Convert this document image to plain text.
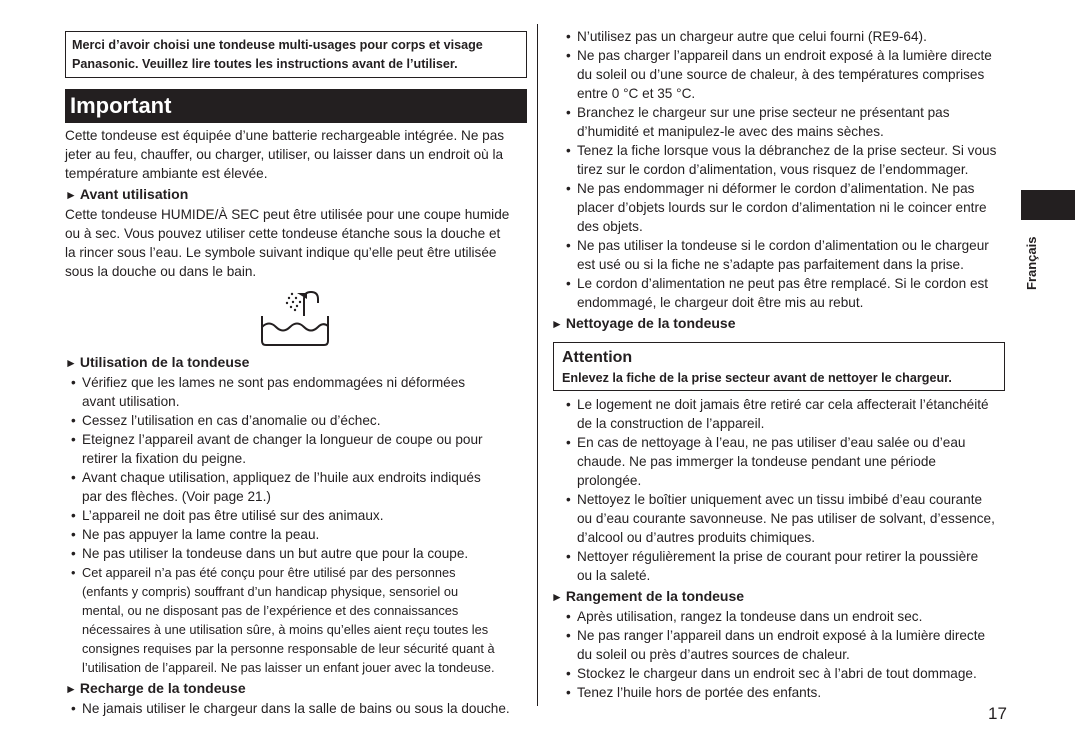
Merci d’avoir choisi une tondeuse multi-usages pour corps et visage
Panasonic. Veuillez lire toutes les instructions avant de l’utiliser.
Important

Cette tondeuse est équipée d’une batterie rechargeable intégrée. Ne pas
jeter au feu, chauffer, ou charger, utiliser, ou laisser dans un endroit où la
température ambiante est élevée.

► Avant utilisation

Cette tondeuse HUMIDE/À SEC peut être utilisée pour une coupe humide
ou à sec. Vous pouvez utiliser cette tondeuse étanche sous la douche et
la rincer sous l’eau. Le symbole suivant indique qu’elle peut être utilisée
sous la douche ou dans le bain.

► Utilisation de la tondeuse
• Vérifiez que les lames ne sont pas endommagées ni déformées
avant utilisation.
• Cessez l’utilisation en cas d’anomalie ou d’échec.
• Eteignez l’appareil avant de changer la longueur de coupe ou pour
retirer la fixation du peigne.
• Avant chaque utilisation, appliquez de l’huile aux endroits indiqués
par des flèches. (Voir page 21.)
• L’appareil ne doit pas être utilisé sur des animaux.
• Ne pas appuyer la lame contre la peau.
• Ne pas utiliser la tondeuse dans un but autre que pour la coupe.
• Cet appareil n’a pas été conçu pour être utilisé par des personnes
(enfants y compris) souffrant d’un handicap physique, sensoriel ou
mental, ou ne disposant pas de l’expérience et des connaissances
nécessaires à une utilisation sûre, à moins qu’elles aient reçu toutes les
consignes requises par la personne responsable de leur sécurité quant à
l’utilisation de l’appareil. Ne pas laisser un enfant jouer avec la tondeuse.
► Recharge de la tondeuse
• Ne jamais utiliser le chargeur dans la salle de bains ou sous la douche.
• N’utilisez pas un chargeur autre que celui fourni (RE9-64).
• Ne pas charger l’appareil dans un endroit exposé à la lumière directe
du soleil ou d’une source de chaleur, à des températures comprises
entre 0 °C et 35 °C.
• Branchez le chargeur sur une prise secteur ne présentant pas
d’humidité et manipulez-le avec des mains sèches.
• Tenez la fiche lorsque vous la débranchez de la prise secteur. Si vous
tirez sur le cordon d’alimentation, vous risquez de l’endommager.
• Ne pas endommager ni déformer le cordon d’alimentation. Ne pas
placer d’objets lourds sur le cordon d’alimentation ni le coincer entre
des objets.
• Ne pas utiliser la tondeuse si le cordon d’alimentation ou le chargeur
est usé ou si la fiche ne s’adapte pas parfaitement dans la prise.
• Le cordon d’alimentation ne peut pas être remplacé. Si le cordon est
endommagé, le chargeur doit être mis au rebut.
► Nettoyage de la tondeuse
Attention
Enlevez la fiche de la prise secteur avant de nettoyer le chargeur.
• Le logement ne doit jamais être retiré car cela affecterait l’étanchéité
de la construction de l’appareil.
• En cas de nettoyage à l’eau, ne pas utiliser d’eau salée ou d’eau
chaude. Ne pas immerger la tondeuse pendant une période
prolongée.
• Nettoyez le boîtier uniquement avec un tissu imbibé d’eau courante
ou d’eau courante savonneuse. Ne pas utiliser de solvant, d’essence,
d’alcool ou d’autres produits chimiques.
• Nettoyer régulièrement la prise de courant pour retirer la poussière
ou la saleté.
► Rangement de la tondeuse
• Après utilisation, rangez la tondeuse dans un endroit sec.
• Ne pas ranger l’appareil dans un endroit exposé à la lumière directe
du soleil ou près d’autres sources de chaleur.
• Stockez le chargeur dans un endroit sec à l’abri de tout dommage.
• Tenez l’huile hors de portée des enfants.
Français
17
